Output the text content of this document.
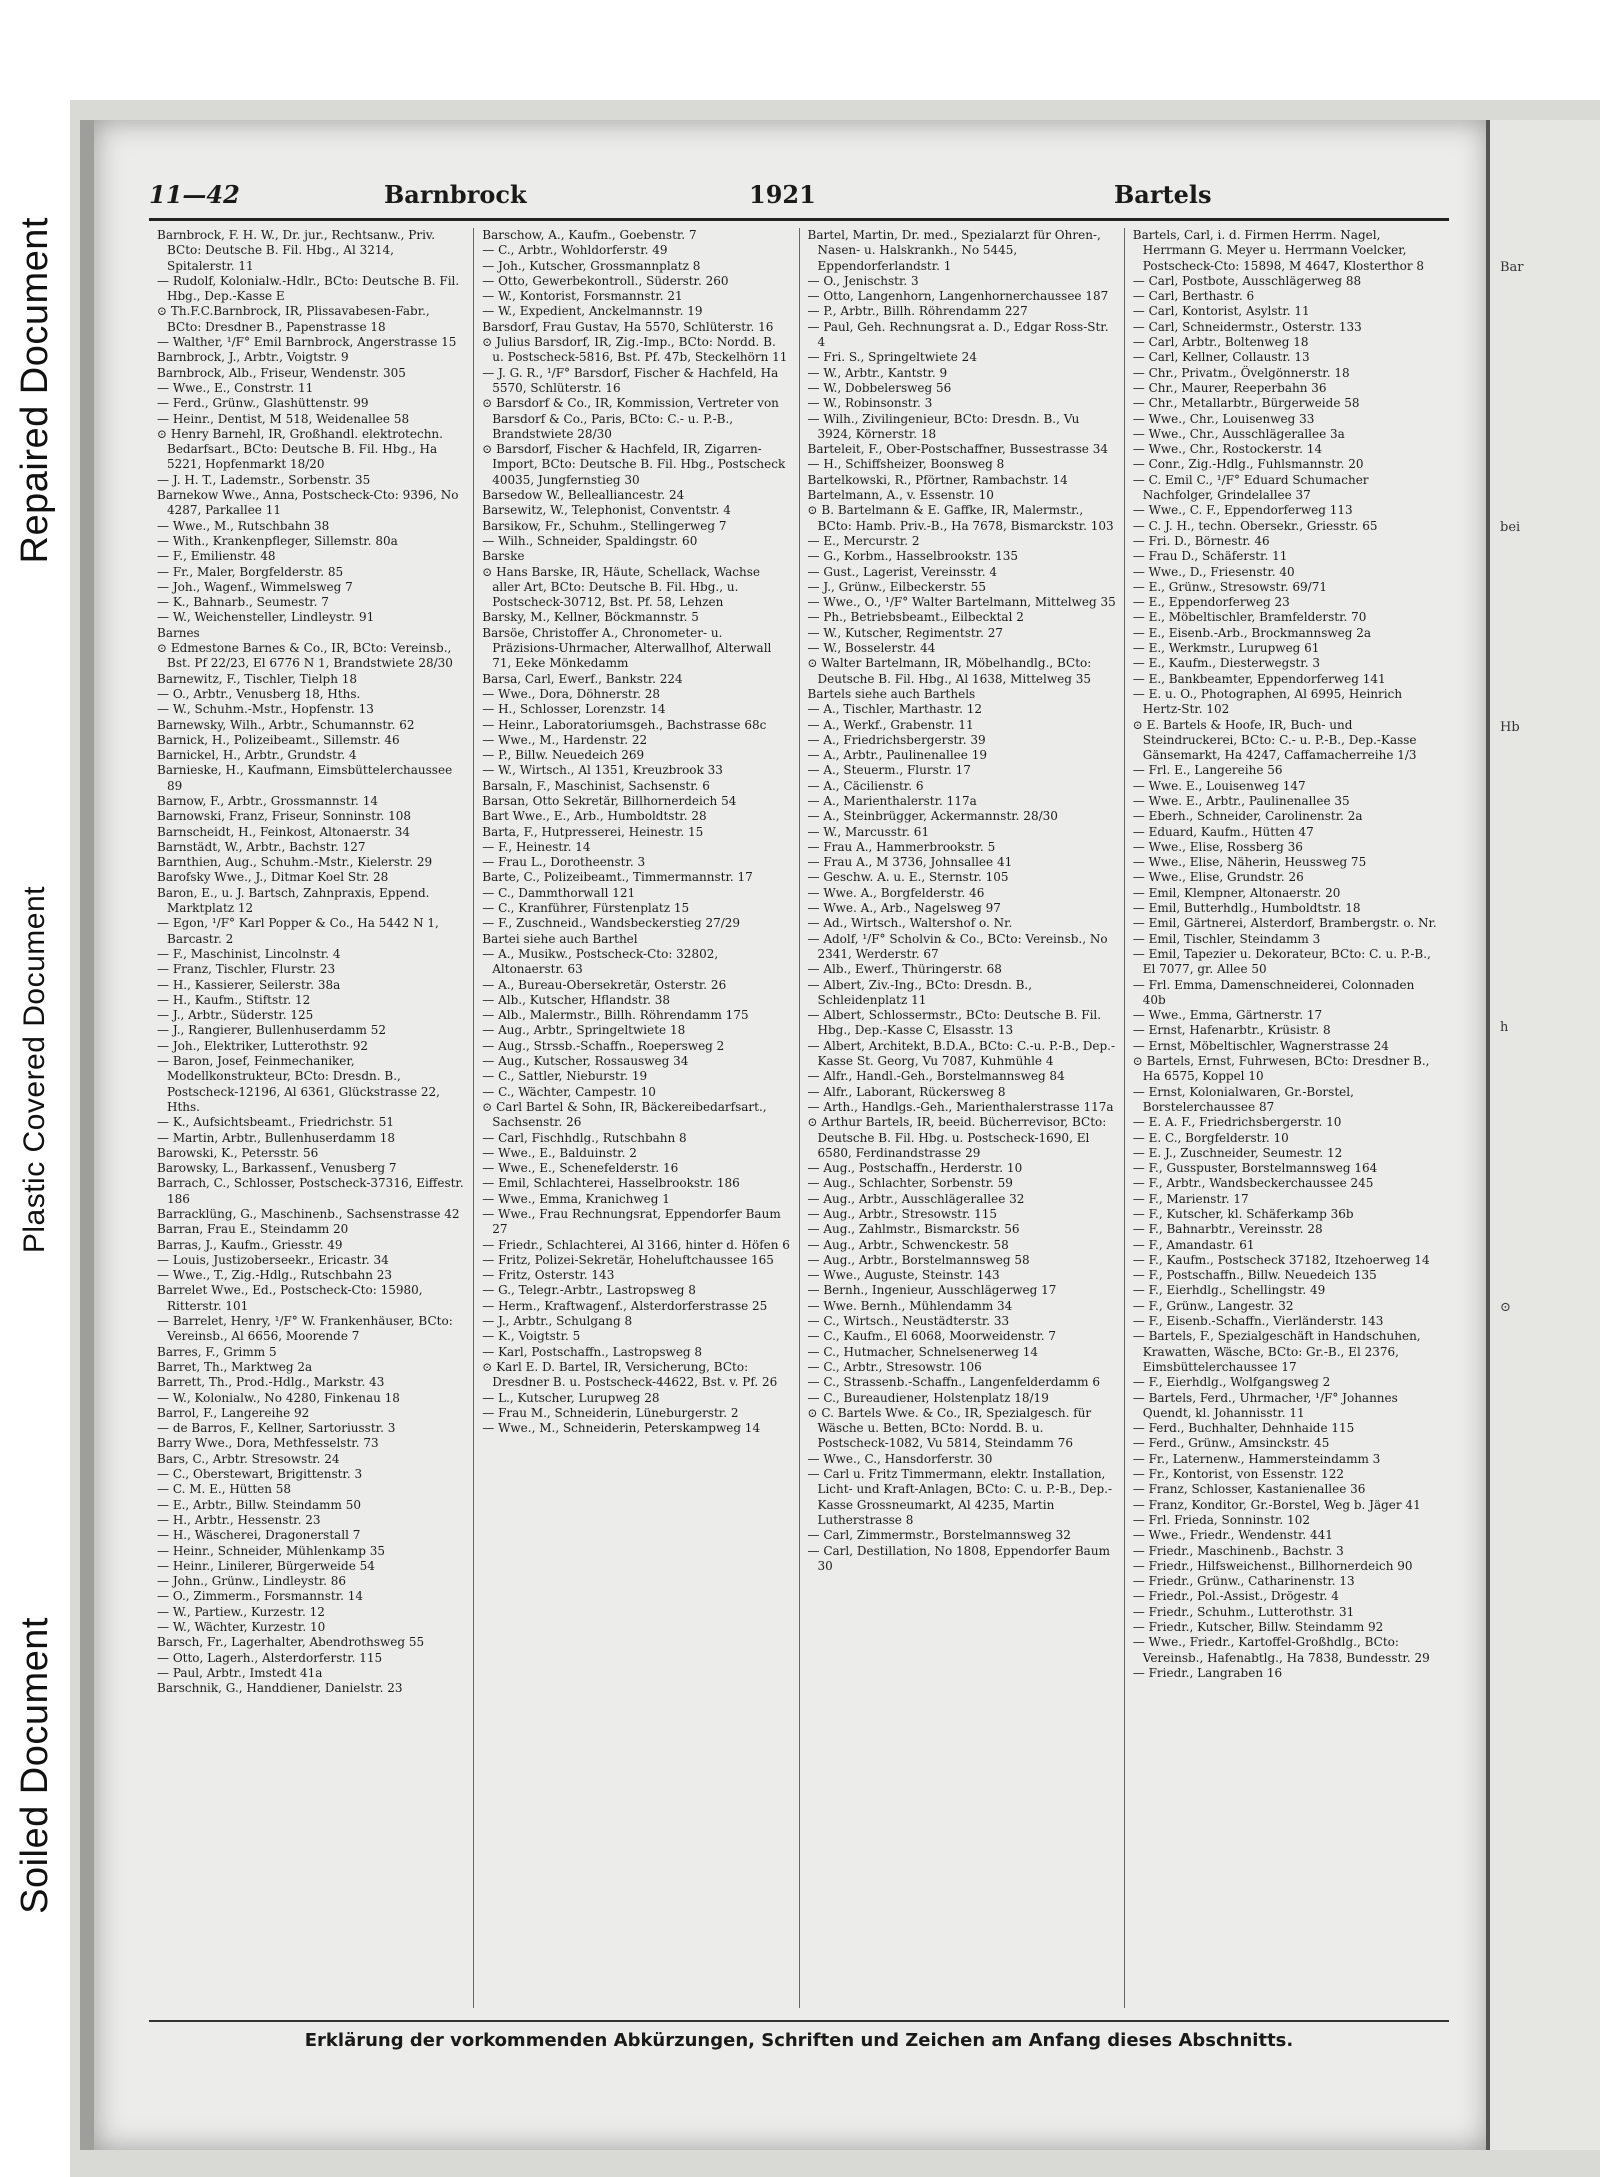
Repaired Document
Plastic Covered Document
Soiled Document
11—42	Barnbrock	1921	Bartels

Barnbrock, F. H. W., Dr. jur., Rechtsanw., Priv. BCto: Deutsche B. Fil. Hbg., Al 3214, Spitalerstr. 11

— Rudolf, Kolonialw.-Hdlr., BCto: Deutsche B. Fil. Hbg., Dep.-Kasse E

⊙ Th.F.C.Barnbrock, IR, Plissavabesen-Fabr., BCto: Dresdner B., Papenstrasse 18

— Walther, ¹/F° Emil Barnbrock, Angerstrasse 15

Barnbrock, J., Arbtr., Voigtstr. 9

Barnbrock, Alb., Friseur, Wendenstr. 305

— Wwe., E., Constrstr. 11

— Ferd., Grünw., Glashüttenstr. 99

— Heinr., Dentist, M 518, Weidenallee 58

⊙ Henry Barnehl, IR, Großhandl. elektrotechn. Bedarfsart., BCto: Deutsche B. Fil. Hbg., Ha 5221, Hopfenmarkt 18/20

— J. H. T., Lademstr., Sorbenstr. 35

Barnekow Wwe., Anna, Postscheck-Cto: 9396, No 4287, Parkallee 11

— Wwe., M., Rutschbahn 38

— With., Krankenpfleger, Sillemstr. 80a

— F., Emilienstr. 48

— Fr., Maler, Borgfelderstr. 85

— Joh., Wagenf., Wimmelsweg 7

— K., Bahnarb., Seumestr. 7

— W., Weichensteller, Lindleystr. 91

Barnes

⊙ Edmestone Barnes & Co., IR, BCto: Vereinsb., Bst. Pf 22/23, El 6776 N 1, Brandstwiete 28/30

Barnewitz, F., Tischler, Tielph 18

— O., Arbtr., Venusberg 18, Hths.

— W., Schuhm.-Mstr., Hopfenstr. 13

Barnewsky, Wilh., Arbtr., Schumannstr. 62

Barnick, H., Polizeibeamt., Sillemstr. 46

Barnickel, H., Arbtr., Grundstr. 4

Barnieske, H., Kaufmann, Eimsbüttelerchaussee 89

Barnow, F., Arbtr., Grossmannstr. 14

Barnowski, Franz, Friseur, Sonninstr. 108

Barnscheidt, H., Feinkost, Altonaerstr. 34

Barnstädt, W., Arbtr., Bachstr. 127

Barnthien, Aug., Schuhm.-Mstr., Kielerstr. 29

Barofsky Wwe., J., Ditmar Koel Str. 28

Baron, E., u. J. Bartsch, Zahnpraxis, Eppend. Marktplatz 12

— Egon, ¹/F° Karl Popper & Co., Ha 5442 N 1, Barcastr. 2

— F., Maschinist, Lincolnstr. 4

— Franz, Tischler, Flurstr. 23

— H., Kassierer, Seilerstr. 38a

— H., Kaufm., Stiftstr. 12

— J., Arbtr., Süderstr. 125

— J., Rangierer, Bullenhuserdamm 52

— Joh., Elektriker, Lutterothstr. 92

— Baron, Josef, Feinmechaniker, Modellkonstrukteur, BCto: Dresdn. B., Postscheck-12196, Al 6361, Glückstrasse 22, Hths.

— K., Aufsichtsbeamt., Friedrichstr. 51

— Martin, Arbtr., Bullenhuserdamm 18

Barowski, K., Petersstr. 56

Barowsky, L., Barkassenf., Venusberg 7

Barrach, C., Schlosser, Postscheck-37316, Eiffestr. 186

Barracklüng, G., Maschinenb., Sachsenstrasse 42

Barran, Frau E., Steindamm 20

Barras, J., Kaufm., Griesstr. 49

— Louis, Justizoberseekr., Ericastr. 34

— Wwe., T., Zig.-Hdlg., Rutschbahn 23

Barrelet Wwe., Ed., Postscheck-Cto: 15980, Ritterstr. 101

— Barrelet, Henry, ¹/F° W. Frankenhäuser, BCto: Vereinsb., Al 6656, Moorende 7

Barres, F., Grimm 5

Barret, Th., Marktweg 2a

Barrett, Th., Prod.-Hdlg., Markstr. 43

— W., Kolonialw., No 4280, Finkenau 18

Barrol, F., Langereihe 92

— de Barros, F., Kellner, Sartoriusstr. 3

Barry Wwe., Dora, Methfesselstr. 73

Bars, C., Arbtr. Stresowstr. 24

— C., Oberstewart, Brigittenstr. 3

— C. M. E., Hütten 58

— E., Arbtr., Billw. Steindamm 50

— H., Arbtr., Hessenstr. 23

— H., Wäscherei, Dragonerstall 7

— Heinr., Schneider, Mühlenkamp 35

— Heinr., Linilerer, Bürgerweide 54

— John., Grünw., Lindleystr. 86

— O., Zimmerm., Forsmannstr. 14

— W., Partiew., Kurzestr. 12

— W., Wächter, Kurzestr. 10

Barsch, Fr., Lagerhalter, Abendrothsweg 55

— Otto, Lagerh., Alsterdorferstr. 115

— Paul, Arbtr., Imstedt 41a

Barschnik, G., Handdiener, Danielstr. 23

Barschow, A., Kaufm., Goebenstr. 7

— C., Arbtr., Wohldorferstr. 49

— Joh., Kutscher, Grossmannplatz 8

— Otto, Gewerbekontroll., Süderstr. 260

— W., Kontorist, Forsmannstr. 21

— W., Expedient, Anckelmannstr. 19

Barsdorf, Frau Gustav, Ha 5570, Schlüterstr. 16

⊙ Julius Barsdorf, IR, Zig.-Imp., BCto: Nordd. B. u. Postscheck-5816, Bst. Pf. 47b, Steckelhörn 11

— J. G. R., ¹/F° Barsdorf, Fischer & Hachfeld, Ha 5570, Schlüterstr. 16

⊙ Barsdorf & Co., IR, Kommission, Vertreter von Barsdorf & Co., Paris, BCto: C.- u. P.-B., Brandstwiete 28/30

⊙ Barsdorf, Fischer & Hachfeld, IR, Zigarren-Import, BCto: Deutsche B. Fil. Hbg., Postscheck 40035, Jungfernstieg 30

Barsedow W., Bellealliancestr. 24

Barsewitz, W., Telephonist, Conventstr. 4

Barsikow, Fr., Schuhm., Stellingerweg 7

— Wilh., Schneider, Spaldingstr. 60

Barske

⊙ Hans Barske, IR, Häute, Schellack, Wachse aller Art, BCto: Deutsche B. Fil. Hbg., u. Postscheck-30712, Bst. Pf. 58, Lehzen

Barsky, M., Kellner, Böckmannstr. 5

Barsöe, Christoffer A., Chronometer- u. Präzisions-Uhrmacher, Alterwallhof, Alterwall 71, Eeke Mönkedamm

Barsa, Carl, Ewerf., Bankstr. 224

— Wwe., Dora, Döhnerstr. 28

— H., Schlosser, Lorenzstr. 14

— Heinr., Laboratoriumsgeh., Bachstrasse 68c

— Wwe., M., Hardenstr. 22

— P., Billw. Neuedeich 269

— W., Wirtsch., Al 1351, Kreuzbrook 33

Barsaln, F., Maschinist, Sachsenstr. 6

Barsan, Otto Sekretär, Billhornerdeich 54

Bart Wwe., E., Arb., Humboldtstr. 28

Barta, F., Hutpresserei, Heinestr. 15

— F., Heinestr. 14

— Frau L., Dorotheenstr. 3

Barte, C., Polizeibeamt., Timmermannstr. 17

— C., Dammthorwall 121

— C., Kranführer, Fürstenplatz 15

— F., Zuschneid., Wandsbeckerstieg 27/29

Bartei siehe auch Barthel

— A., Musikw., Postscheck-Cto: 32802, Altonaerstr. 63

— A., Bureau-Obersekretär, Osterstr. 26

— Alb., Kutscher, Hflandstr. 38

— Alb., Malermstr., Billh. Röhrendamm 175

— Aug., Arbtr., Springeltwiete 18

— Aug., Strssb.-Schaffn., Roepersweg 2

— Aug., Kutscher, Rossausweg 34

— C., Sattler, Nieburstr. 19

— C., Wächter, Campestr. 10

⊙ Carl Bartel & Sohn, IR, Bäckereibedarfsart., Sachsenstr. 26

— Carl, Fischhdlg., Rutschbahn 8

— Wwe., E., Balduinstr. 2

— Wwe., E., Schenefelderstr. 16

— Emil, Schlachterei, Hasselbrookstr. 186

— Wwe., Emma, Kranichweg 1

— Wwe., Frau Rechnungsrat, Eppendorfer Baum 27

— Friedr., Schlachterei, Al 3166, hinter d. Höfen 6

— Fritz, Polizei-Sekretär, Hoheluftchaussee 165

— Fritz, Osterstr. 143

— G., Telegr.-Arbtr., Lastropsweg 8

— Herm., Kraftwagenf., Alsterdorferstrasse 25

— J., Arbtr., Schulgang 8

— K., Voigtstr. 5

— Karl, Postschaffn., Lastropsweg 8

⊙ Karl E. D. Bartel, IR, Versicherung, BCto: Dresdner B. u. Postscheck-44622, Bst. v. Pf. 26

— L., Kutscher, Lurupweg 28

— Frau M., Schneiderin, Lüneburgerstr. 2

— Wwe., M., Schneiderin, Peterskampweg 14

Bartel, Martin, Dr. med., Spezialarzt für Ohren-, Nasen- u. Halskrankh., No 5445, Eppendorferlandstr. 1

— O., Jenischstr. 3

— Otto, Langenhorn, Langenhornerchaussee 187

— P., Arbtr., Billh. Röhrendamm 227

— Paul, Geh. Rechnungsrat a. D., Edgar Ross-Str. 4

— Fri. S., Springeltwiete 24

— W., Arbtr., Kantstr. 9

— W., Dobbelersweg 56

— W., Robinsonstr. 3

— Wilh., Zivilingenieur, BCto: Dresdn. B., Vu 3924, Körnerstr. 18

Barteleit, F., Ober-Postschaffner, Bussestrasse 34

— H., Schiffsheizer, Boonsweg 8

Bartelkowski, R., Pförtner, Rambachstr. 14

Bartelmann, A., v. Essenstr. 10

⊙ B. Bartelmann & E. Gaffke, IR, Malermstr., BCto: Hamb. Priv.-B., Ha 7678, Bismarckstr. 103

— E., Mercurstr. 2

— G., Korbm., Hasselbrookstr. 135

— Gust., Lagerist, Vereinsstr. 4

— J., Grünw., Eilbeckerstr. 55

— Wwe., O., ¹/F° Walter Bartelmann, Mittelweg 35

— Ph., Betriebsbeamt., Eilbecktal 2

— W., Kutscher, Regimentstr. 27

— W., Bosselerstr. 44

⊙ Walter Bartelmann, IR, Möbelhandlg., BCto: Deutsche B. Fil. Hbg., Al 1638, Mittelweg 35

Bartels siehe auch Barthels

— A., Tischler, Marthastr. 12

— A., Werkf., Grabenstr. 11

— A., Friedrichsbergerstr. 39

— A., Arbtr., Paulinenallee 19

— A., Steuerm., Flurstr. 17

— A., Cäcilienstr. 6

— A., Marienthalerstr. 117a

— A., Steinbrügger, Ackermannstr. 28/30

— W., Marcusstr. 61

— Frau A., Hammerbrookstr. 5

— Frau A., M 3736, Johnsallee 41

— Geschw. A. u. E., Sternstr. 105

— Wwe. A., Borgfelderstr. 46

— Wwe. A., Arb., Nagelsweg 97

— Ad., Wirtsch., Waltershof o. Nr.

— Adolf, ¹/F° Scholvin & Co., BCto: Vereinsb., No 2341, Werderstr. 67

— Alb., Ewerf., Thüringerstr. 68

— Albert, Ziv.-Ing., BCto: Dresdn. B., Schleidenplatz 11

— Albert, Schlossermstr., BCto: Deutsche B. Fil. Hbg., Dep.-Kasse C, Elsasstr. 13

— Albert, Architekt, B.D.A., BCto: C.-u. P.-B., Dep.-Kasse St. Georg, Vu 7087, Kuhmühle 4

— Alfr., Handl.-Geh., Borstelmannsweg 84

— Alfr., Laborant, Rückersweg 8

— Arth., Handlgs.-Geh., Marienthalerstrasse 117a

⊙ Arthur Bartels, IR, beeid. Bücherrevisor, BCto: Deutsche B. Fil. Hbg. u. Postscheck-1690, El 6580, Ferdinandstrasse 29

— Aug., Postschaffn., Herderstr. 10

— Aug., Schlachter, Sorbenstr. 59

— Aug., Arbtr., Ausschlägerallee 32

— Aug., Arbtr., Stresowstr. 115

— Aug., Zahlmstr., Bismarckstr. 56

— Aug., Arbtr., Schwenckestr. 58

— Aug., Arbtr., Borstelmannsweg 58

— Wwe., Auguste, Steinstr. 143

— Bernh., Ingenieur, Ausschlägerweg 17

— Wwe. Bernh., Mühlendamm 34

— C., Wirtsch., Neustädterstr. 33

— C., Kaufm., El 6068, Moorweidenstr. 7

— C., Hutmacher, Schnelsenerweg 14

— C., Arbtr., Stresowstr. 106

— C., Strassenb.-Schaffn., Langenfelderdamm 6

— C., Bureaudiener, Holstenplatz 18/19

⊙ C. Bartels Wwe. & Co., IR, Spezialgesch. für Wäsche u. Betten, BCto: Nordd. B. u. Postscheck-1082, Vu 5814, Steindamm 76

— Wwe., C., Hansdorferstr. 30

— Carl u. Fritz Timmermann, elektr. Installation, Licht- und Kraft-Anlagen, BCto: C. u. P.-B., Dep.-Kasse Grossneumarkt, Al 4235, Martin Lutherstrasse 8

— Carl, Zimmermstr., Borstelmannsweg 32

— Carl, Destillation, No 1808, Eppendorfer Baum 30

Bartels, Carl, i. d. Firmen Herrm. Nagel, Herrmann G. Meyer u. Herrmann Voelcker, Postscheck-Cto: 15898, M 4647, Klosterthor 8

— Carl, Postbote, Ausschlägerweg 88

— Carl, Berthastr. 6

— Carl, Kontorist, Asylstr. 11

— Carl, Schneidermstr., Osterstr. 133

— Carl, Arbtr., Boltenweg 18

— Carl, Kellner, Collaustr. 13

— Chr., Privatm., Övelgönnerstr. 18

— Chr., Maurer, Reeperbahn 36

— Chr., Metallarbtr., Bürgerweide 58

— Wwe., Chr., Louisenweg 33

— Wwe., Chr., Ausschlägerallee 3a

— Wwe., Chr., Rostockerstr. 14

— Conr., Zig.-Hdlg., Fuhlsmannstr. 20

— C. Emil C., ¹/F° Eduard Schumacher Nachfolger, Grindelallee 37

— Wwe., C. F., Eppendorferweg 113

— C. J. H., techn. Obersekr., Griesstr. 65

— Fri. D., Börnestr. 46

— Frau D., Schäferstr. 11

— Wwe., D., Friesenstr. 40

— E., Grünw., Stresowstr. 69/71

— E., Eppendorferweg 23

— E., Möbeltischler, Bramfelderstr. 70

— E., Eisenb.-Arb., Brockmannsweg 2a

— E., Werkmstr., Lurupweg 61

— E., Kaufm., Diesterwegstr. 3

— E., Bankbeamter, Eppendorferweg 141

— E. u. O., Photographen, Al 6995, Heinrich Hertz-Str. 102

⊙ E. Bartels & Hoofe, IR, Buch- und Steindruckerei, BCto: C.- u. P.-B., Dep.-Kasse Gänsemarkt, Ha 4247, Caffamacherreihe 1/3

— Frl. E., Langereihe 56

— Wwe. E., Louisenweg 147

— Wwe. E., Arbtr., Paulinenallee 35

— Eberh., Schneider, Carolinenstr. 2a

— Eduard, Kaufm., Hütten 47

— Wwe., Elise, Rossberg 36

— Wwe., Elise, Näherin, Heussweg 75

— Wwe., Elise, Grundstr. 26

— Emil, Klempner, Altonaerstr. 20

— Emil, Butterhdlg., Humboldtstr. 18

— Emil, Gärtnerei, Alsterdorf, Brambergstr. o. Nr.

— Emil, Tischler, Steindamm 3

— Emil, Tapezier u. Dekorateur, BCto: C. u. P.-B., El 7077, gr. Allee 50

— Frl. Emma, Damenschneiderei, Colonnaden 40b

— Wwe., Emma, Gärtnerstr. 17

— Ernst, Hafenarbtr., Krüsistr. 8

— Ernst, Möbeltischler, Wagnerstrasse 24

⊙ Bartels, Ernst, Fuhrwesen, BCto: Dresdner B., Ha 6575, Koppel 10

— Ernst, Kolonialwaren, Gr.-Borstel, Borstelerchaussee 87

— E. A. F., Friedrichsbergerstr. 10

— E. C., Borgfelderstr. 10

— E. J., Zuschneider, Seumestr. 12

— F., Gusspuster, Borstelmannsweg 164

— F., Arbtr., Wandsbeckerchaussee 245

— F., Marienstr. 17

— F., Kutscher, kl. Schäferkamp 36b

— F., Bahnarbtr., Vereinsstr. 28

— F., Amandastr. 61

— F., Kaufm., Postscheck 37182, Itzehoerweg 14

— F., Postschaffn., Billw. Neuedeich 135

— F., Eierhdlg., Schellingstr. 49

— F., Grünw., Langestr. 32

— F., Eisenb.-Schaffn., Vierländerstr. 143

— Bartels, F., Spezialgeschäft in Handschuhen, Krawatten, Wäsche, BCto: Gr.-B., El 2376, Eimsbüttelerchaussee 17

— F., Eierhdlg., Wolfgangsweg 2

— Bartels, Ferd., Uhrmacher, ¹/F° Johannes Quendt, kl. Johannisstr. 11

— Ferd., Buchhalter, Dehnhaide 115

— Ferd., Grünw., Amsinckstr. 45

— Fr., Laternenw., Hammersteindamm 3

— Fr., Kontorist, von Essenstr. 122

— Franz, Schlosser, Kastanienallee 36

— Franz, Konditor, Gr.-Borstel, Weg b. Jäger 41

— Frl. Frieda, Sonninstr. 102

— Wwe., Friedr., Wendenstr. 441

— Friedr., Maschinenb., Bachstr. 3

— Friedr., Hilfsweichenst., Billhornerdeich 90

— Friedr., Grünw., Catharinenstr. 13

— Friedr., Pol.-Assist., Drögestr. 4

— Friedr., Schuhm., Lutterothstr. 31

— Friedr., Kutscher, Billw. Steindamm 92

— Wwe., Friedr., Kartoffel-Großhdlg., BCto: Vereinsb., Hafenabtlg., Ha 7838, Bundesstr. 29

— Friedr., Langraben 16

Erklärung der vorkommenden Abkürzungen, Schriften und Zeichen am Anfang dieses Abschnitts.
Bar
bei
Hb
h
⊙
